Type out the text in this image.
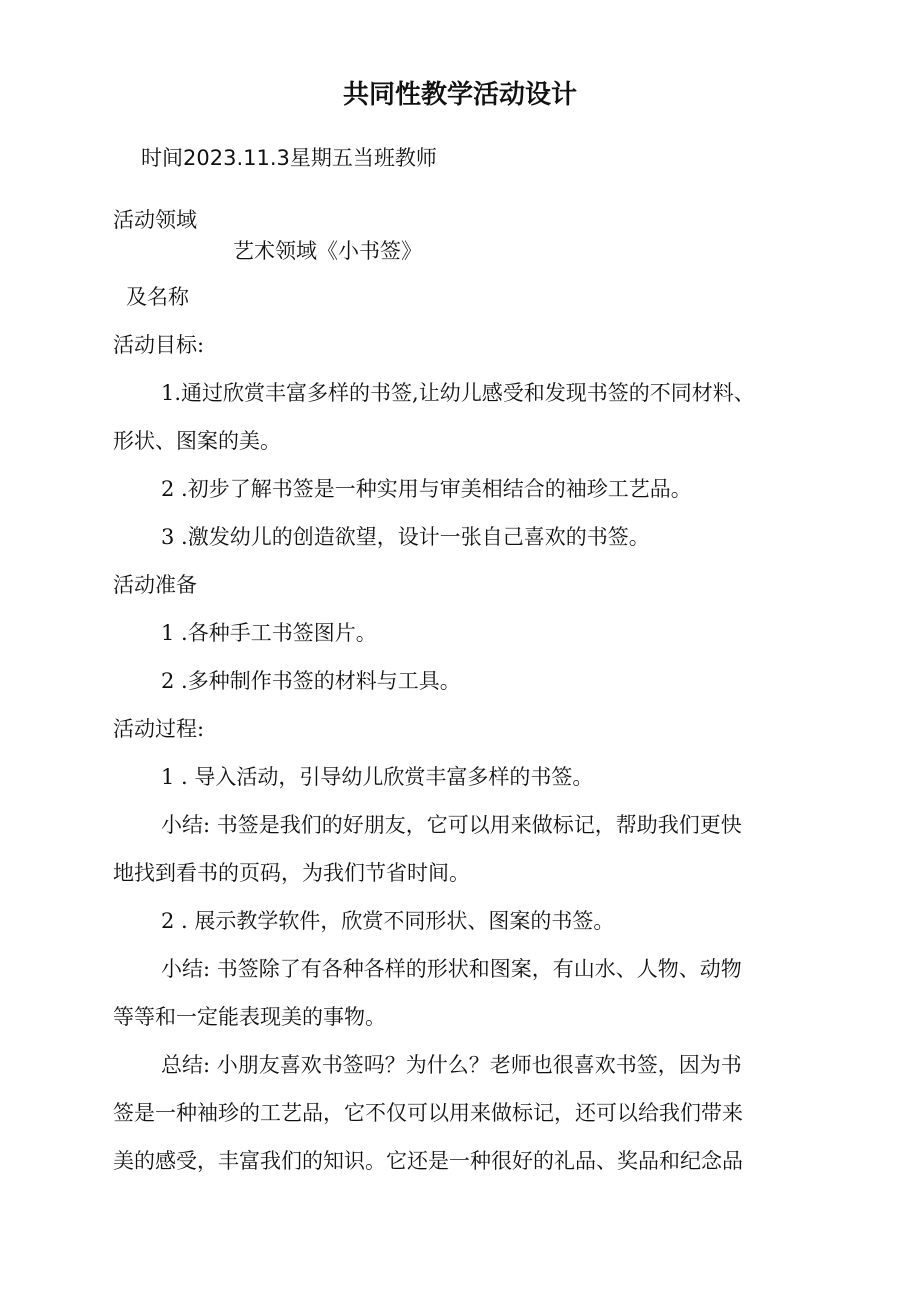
共同性教学活动设计
时间2023.11.3星期五当班教师
活动领域
艺术领域《小书签》
及名称
活动目标:
1.通过欣赏丰富多样的书签,让幼儿感受和发现书签的不同材料、
形状、图案的美。
2 .初步了解书签是一种实用与审美相结合的袖珍工艺品。
3 .激发幼儿的创造欲望，设计一张自己喜欢的书签。
活动准备
1 .各种手工书签图片。
2 .多种制作书签的材料与工具。
活动过程:
1 . 导入活动，引导幼儿欣赏丰富多样的书签。
小结: 书签是我们的好朋友，它可以用来做标记，帮助我们更快
地找到看书的页码，为我们节省时间。
2 . 展示教学软件，欣赏不同形状、图案的书签。
小结: 书签除了有各种各样的形状和图案，有山水、人物、动物
等等和一定能表现美的事物。
总结: 小朋友喜欢书签吗？为什么？老师也很喜欢书签，因为书
签是一种袖珍的工艺品，它不仅可以用来做标记，还可以给我们带来
美的感受，丰富我们的知识。它还是一种很好的礼品、奖品和纪念品
